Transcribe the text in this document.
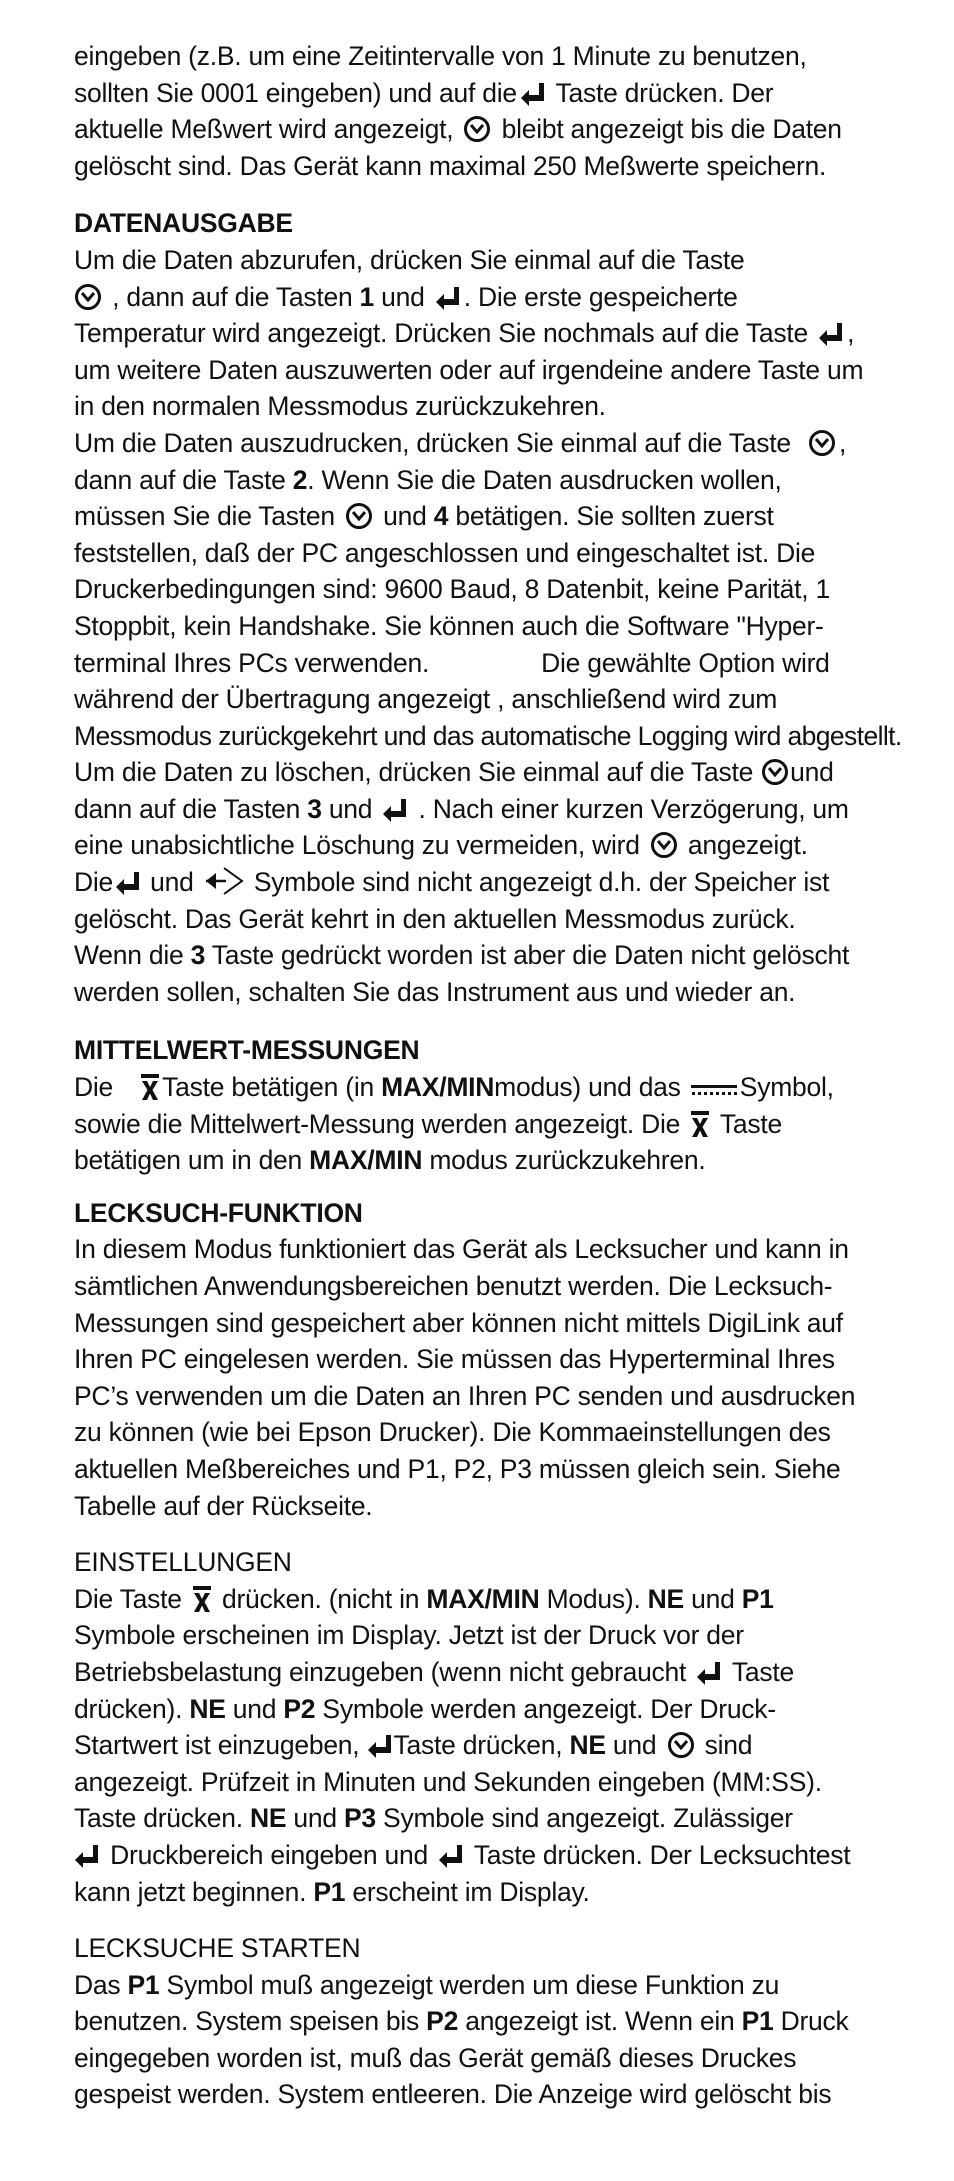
eingeben (z.B. um eine Zeitintervalle von 1 Minute zu benutzen,
sollten Sie 0001 eingeben) und auf die
Taste drücken. Der
aktuelle Meßwert wird angezeigt,
bleibt angezeigt bis die Daten
gelöscht sind. Das Gerät kann maximal 250 Meßwerte speichern.
DATENAUSGABE
Um die Daten abzurufen, drücken Sie einmal auf die Taste
, dann auf die Tasten 1 und
. Die erste gespeicherte
Temperatur wird angezeigt. Drücken Sie nochmals auf die Taste
,
um weitere Daten auszuwerten oder auf irgendeine andere Taste um
in den normalen Messmodus zurückzukehren.
Um die Daten auszudrucken, drücken Sie einmal auf die Taste
,
dann auf die Taste 2. Wenn Sie die Daten ausdrucken wollen,
müssen Sie die Tasten
und 4 betätigen. Sie sollten zuerst
feststellen, daß der PC angeschlossen und eingeschaltet ist. Die
Druckerbedingungen sind: 9600 Baud, 8 Datenbit, keine Parität, 1
Stoppbit, kein Handshake. Sie können auch die Software "Hyper-
terminal Ihres PCs verwenden.	Die gewählte Option wird
während der Übertragung angezeigt , anschließend wird zum
Messmodus zurückgekehrt und das automatische Logging wird abgestellt.
Um die Daten zu löschen, drücken Sie einmal auf die Taste
und
dann auf die Tasten 3 und
. Nach einer kurzen Verzögerung, um
eine unabsichtliche Löschung zu vermeiden, wird
angezeigt.
Die
und
Symbole sind nicht angezeigt d.h. der Speicher ist
gelöscht. Das Gerät kehrt in den aktuellen Messmodus zurück.
Wenn die 3 Taste gedrückt worden ist aber die Daten nicht gelöscht
werden sollen, schalten Sie das Instrument aus und wieder an.
MITTELWERT-MESSUNGEN
Die
Taste betätigen (in MAX/MINmodus) und das
Symbol,
sowie die Mittelwert-Messung werden angezeigt. Die
Taste
betätigen um in den MAX/MIN modus zurückzukehren.
LECKSUCH-FUNKTION
In diesem Modus funktioniert das Gerät als Lecksucher und kann in
sämtlichen Anwendungsbereichen benutzt werden. Die Lecksuch-
Messungen sind gespeichert aber können nicht mittels DigiLink auf
Ihren PC eingelesen werden. Sie müssen das Hyperterminal Ihres
PC’s verwenden um die Daten an Ihren PC senden und ausdrucken
zu können (wie bei Epson Drucker). Die Kommaeinstellungen des
aktuellen Meßbereiches und P1, P2, P3 müssen gleich sein. Siehe
Tabelle auf der Rückseite.
EINSTELLUNGEN
Die Taste
drücken. (nicht in MAX/MIN Modus). NE und P1
Symbole erscheinen im Display. Jetzt ist der Druck vor der
Betriebsbelastung einzugeben (wenn nicht gebraucht
Taste
drücken). NE und P2 Symbole werden angezeigt. Der Druck-
Startwert ist einzugeben,
Taste drücken, NE und
sind
angezeigt. Prüfzeit in Minuten und Sekunden eingeben (MM:SS).
Taste drücken. NE und P3 Symbole sind angezeigt. Zulässiger
Druckbereich eingeben und
Taste drücken. Der Lecksuchtest
kann jetzt beginnen. P1 erscheint im Display.
LECKSUCHE STARTEN
Das P1 Symbol muß angezeigt werden um diese Funktion zu
benutzen. System speisen bis P2 angezeigt ist. Wenn ein P1 Druck
eingegeben worden ist, muß das Gerät gemäß dieses Druckes
gespeist werden. System entleeren. Die Anzeige wird gelöscht bis
